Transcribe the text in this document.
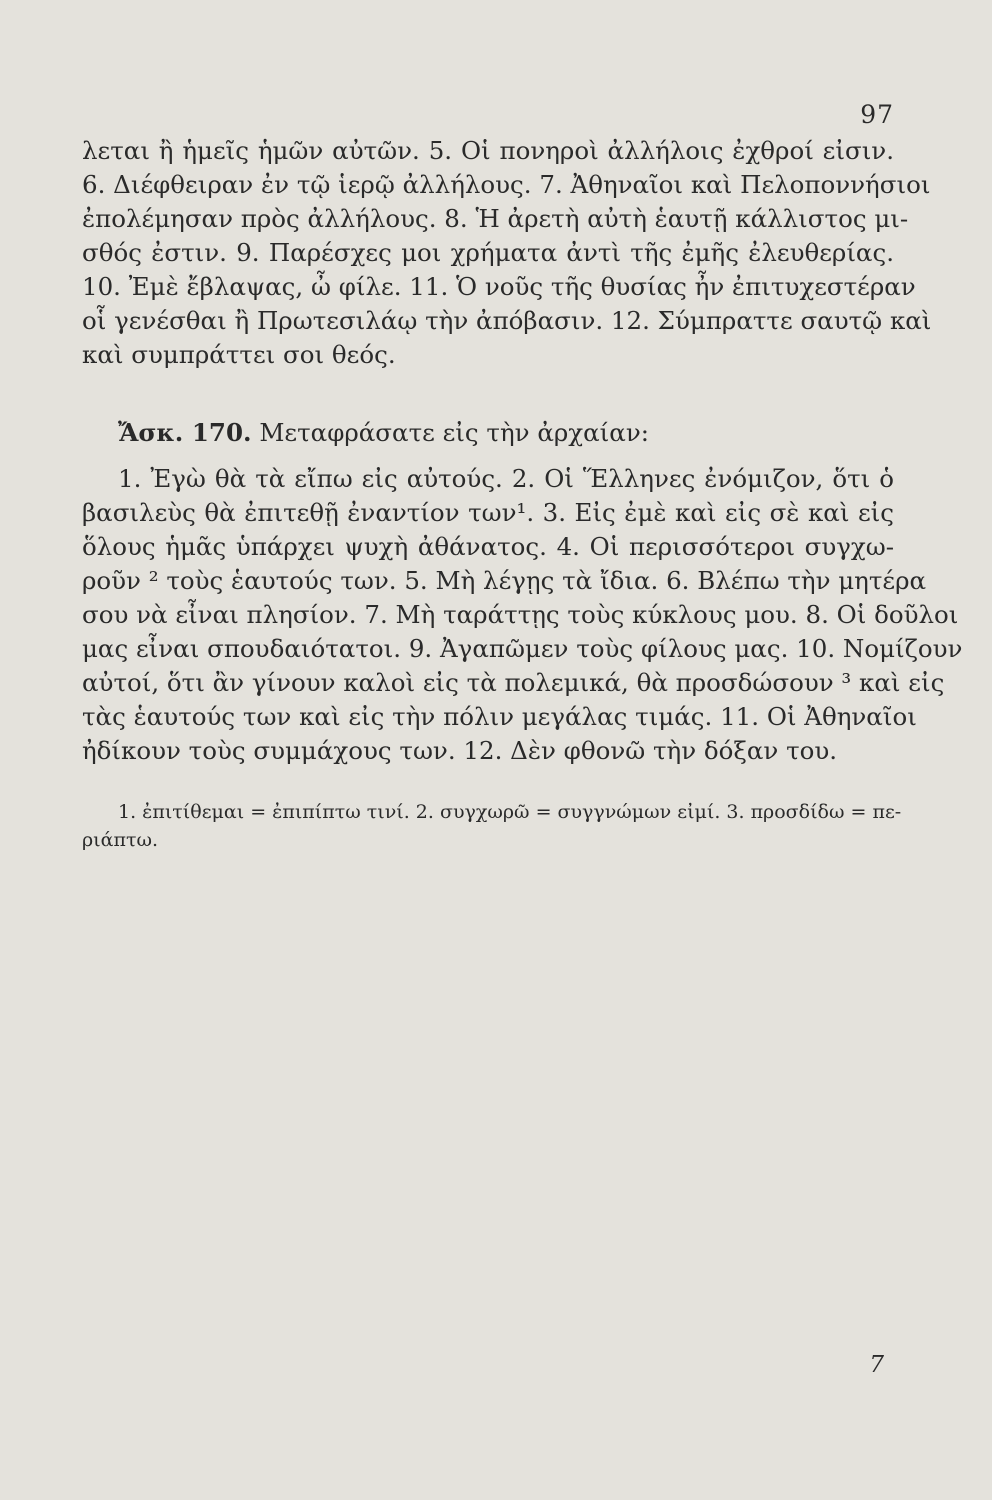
97
λεται ἢ ἡμεῖς ἡμῶν αὐτῶν. 5. Οἱ πονηροὶ ἀλλήλοις ἐχθροί εἰσιν.
6. Διέφθειραν ἐν τῷ ἱερῷ ἀλλήλους. 7. Ἀθηναῖοι καὶ Πελοποννήσιοι
ἐπολέμησαν πρὸς ἀλλήλους. 8. Ἡ ἀρετὴ αὐτὴ ἑαυτῇ κάλλιστος μι-
σθός ἐστιν. 9. Παρέσχες μοι χρήματα ἀντὶ τῆς ἐμῆς ἐλευθερίας.
10. Ἐμὲ ἔβλαψας, ὦ φίλε. 11. Ὁ νοῦς τῆς θυσίας ἦν ἐπιτυχεστέραν
οἷ γενέσθαι ἢ Πρωτεσιλάῳ τὴν ἀπόβασιν. 12. Σύμπραττε σαυτῷ καὶ
καὶ συμπράττει σοι θεός.
Ἄσκ. 170. Μεταφράσατε εἰς τὴν ἀρχαίαν:
1. Ἐγὼ θὰ τὰ εἴπω εἰς αὐτούς. 2. Οἱ Ἕλληνες ἐνόμιζον, ὅτι ὁ
βασιλεὺς θὰ ἐπιτεθῇ ἐναντίον των¹. 3. Εἰς ἐμὲ καὶ εἰς σὲ καὶ εἰς
ὅλους ἡμᾶς ὑπάρχει ψυχὴ ἀθάνατος. 4. Οἱ περισσότεροι συγχω-
ροῦν ² τοὺς ἑαυτούς των. 5. Μὴ λέγῃς τὰ ἴδια. 6. Βλέπω τὴν μητέρα
σου νὰ εἶναι πλησίον. 7. Μὴ ταράττῃς τοὺς κύκλους μου. 8. Οἱ δοῦλοι
μας εἶναι σπουδαιότατοι. 9. Ἀγαπῶμεν τοὺς φίλους μας. 10. Νομίζουν
αὐτοί, ὅτι ἂν γίνουν καλοὶ εἰς τὰ πολεμικά, θὰ προσδώσουν ³ καὶ εἰς
τὰς ἑαυτούς των καὶ εἰς τὴν πόλιν μεγάλας τιμάς. 11. Οἱ Ἀθηναῖοι
ἠδίκουν τοὺς συμμάχους των. 12. Δὲν φθονῶ τὴν δόξαν του.
1. ἐπιτίθεμαι = ἐπιπίπτω τινί. 2. συγχωρῶ = συγγνώμων εἰμί. 3. προσδίδω = πε-
ριάπτω.
7
